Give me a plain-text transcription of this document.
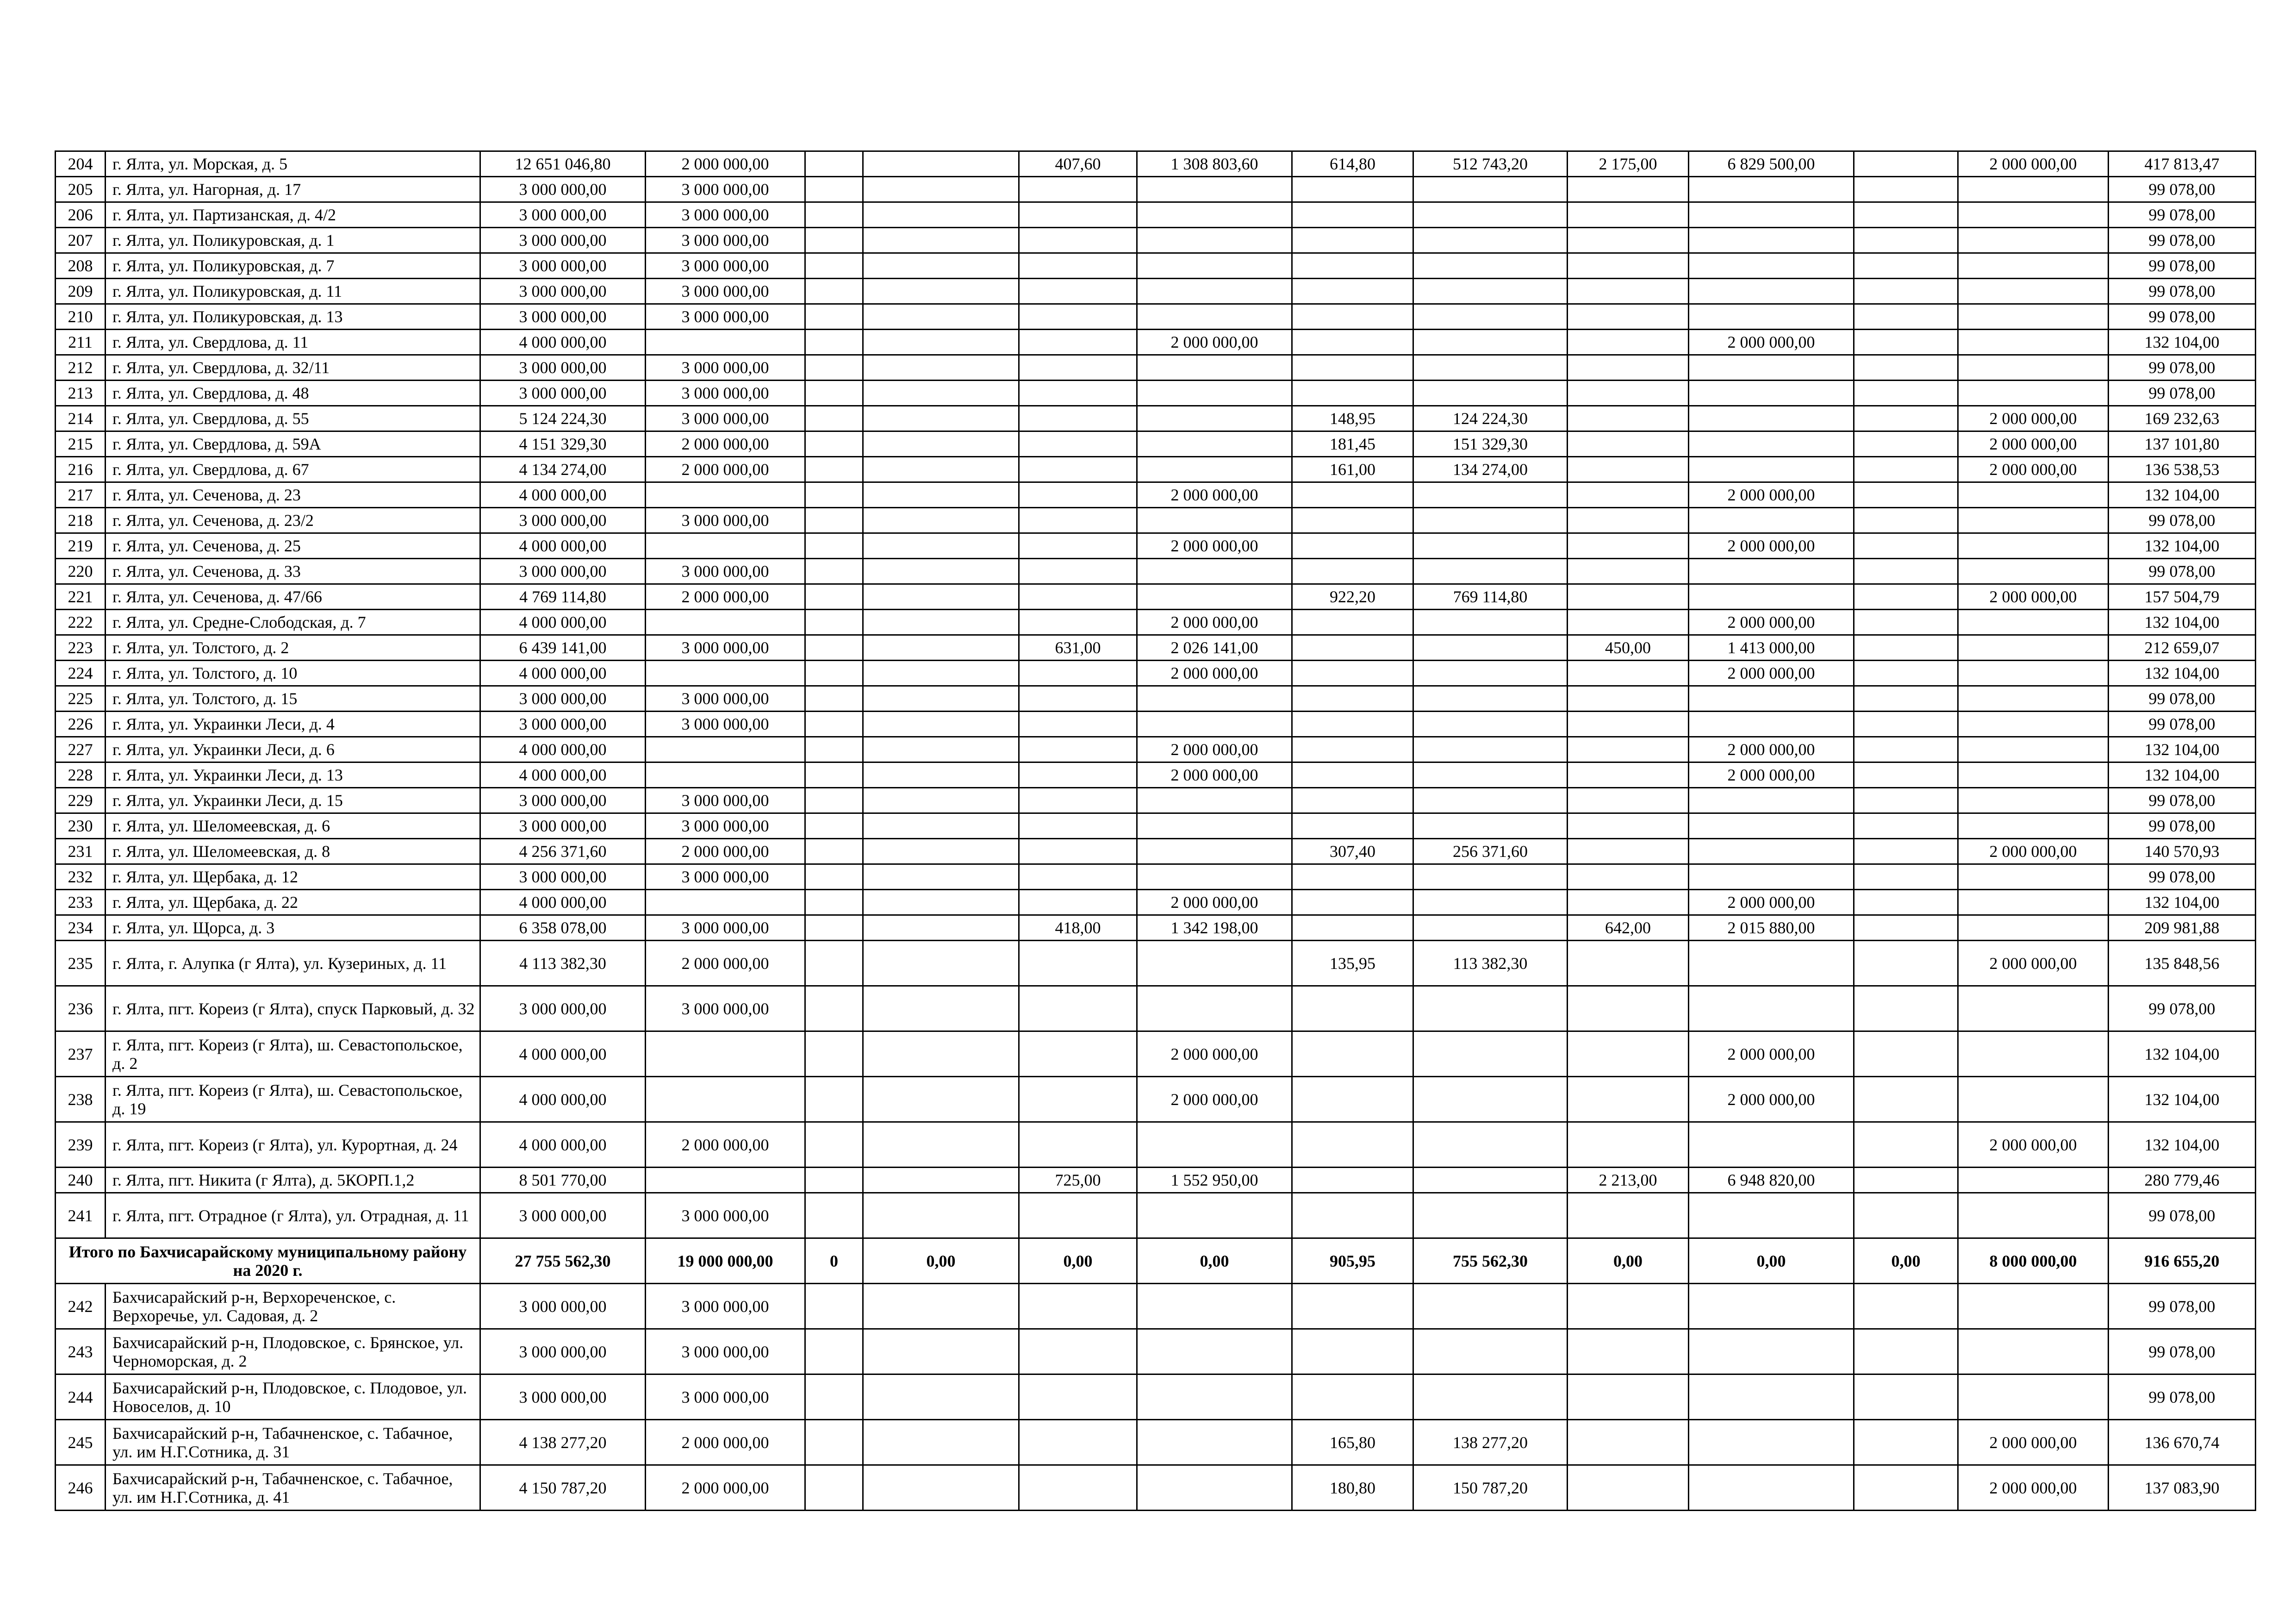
204	г. Ялта, ул. Морская, д. 5	12 651 046,80	2 000 000,00			407,60	1 308 803,60	614,80	512 743,20	2 175,00	6 829 500,00		2 000 000,00	417 813,47
205	г. Ялта, ул. Нагорная, д. 17	3 000 000,00	3 000 000,00											99 078,00
206	г. Ялта, ул. Партизанская, д. 4/2	3 000 000,00	3 000 000,00											99 078,00
207	г. Ялта, ул. Поликуровская, д. 1	3 000 000,00	3 000 000,00											99 078,00
208	г. Ялта, ул. Поликуровская, д. 7	3 000 000,00	3 000 000,00											99 078,00
209	г. Ялта, ул. Поликуровская, д. 11	3 000 000,00	3 000 000,00											99 078,00
210	г. Ялта, ул. Поликуровская, д. 13	3 000 000,00	3 000 000,00											99 078,00
211	г. Ялта, ул. Свердлова, д. 11	4 000 000,00					2 000 000,00				2 000 000,00			132 104,00
212	г. Ялта, ул. Свердлова, д. 32/11	3 000 000,00	3 000 000,00											99 078,00
213	г. Ялта, ул. Свердлова, д. 48	3 000 000,00	3 000 000,00											99 078,00
214	г. Ялта, ул. Свердлова, д. 55	5 124 224,30	3 000 000,00					148,95	124 224,30				2 000 000,00	169 232,63
215	г. Ялта, ул. Свердлова, д. 59А	4 151 329,30	2 000 000,00					181,45	151 329,30				2 000 000,00	137 101,80
216	г. Ялта, ул. Свердлова, д. 67	4 134 274,00	2 000 000,00					161,00	134 274,00				2 000 000,00	136 538,53
217	г. Ялта, ул. Сеченова, д. 23	4 000 000,00					2 000 000,00				2 000 000,00			132 104,00
218	г. Ялта, ул. Сеченова, д. 23/2	3 000 000,00	3 000 000,00											99 078,00
219	г. Ялта, ул. Сеченова, д. 25	4 000 000,00					2 000 000,00				2 000 000,00			132 104,00
220	г. Ялта, ул. Сеченова, д. 33	3 000 000,00	3 000 000,00											99 078,00
221	г. Ялта, ул. Сеченова, д. 47/66	4 769 114,80	2 000 000,00					922,20	769 114,80				2 000 000,00	157 504,79
222	г. Ялта, ул. Средне-Слободская, д. 7	4 000 000,00					2 000 000,00				2 000 000,00			132 104,00
223	г. Ялта, ул. Толстого, д. 2	6 439 141,00	3 000 000,00			631,00	2 026 141,00			450,00	1 413 000,00			212 659,07
224	г. Ялта, ул. Толстого, д. 10	4 000 000,00					2 000 000,00				2 000 000,00			132 104,00
225	г. Ялта, ул. Толстого, д. 15	3 000 000,00	3 000 000,00											99 078,00
226	г. Ялта, ул. Украинки Леси, д. 4	3 000 000,00	3 000 000,00											99 078,00
227	г. Ялта, ул. Украинки Леси, д. 6	4 000 000,00					2 000 000,00				2 000 000,00			132 104,00
228	г. Ялта, ул. Украинки Леси, д. 13	4 000 000,00					2 000 000,00				2 000 000,00			132 104,00
229	г. Ялта, ул. Украинки Леси, д. 15	3 000 000,00	3 000 000,00											99 078,00
230	г. Ялта, ул. Шеломеевская, д. 6	3 000 000,00	3 000 000,00											99 078,00
231	г. Ялта, ул. Шеломеевская, д. 8	4 256 371,60	2 000 000,00					307,40	256 371,60				2 000 000,00	140 570,93
232	г. Ялта, ул. Щербака, д. 12	3 000 000,00	3 000 000,00											99 078,00
233	г. Ялта, ул. Щербака, д. 22	4 000 000,00					2 000 000,00				2 000 000,00			132 104,00
234	г. Ялта, ул. Щорса, д. 3	6 358 078,00	3 000 000,00			418,00	1 342 198,00			642,00	2 015 880,00			209 981,88
235	г. Ялта, г. Алупка (г Ялта), ул. Кузериных, д. 11	4 113 382,30	2 000 000,00					135,95	113 382,30				2 000 000,00	135 848,56
236	г. Ялта, пгт. Кореиз (г Ялта), спуск Парковый, д. 32	3 000 000,00	3 000 000,00											99 078,00
237	г. Ялта, пгт. Кореиз (г Ялта), ш. Севастопольское, д. 2	4 000 000,00					2 000 000,00				2 000 000,00			132 104,00
238	г. Ялта, пгт. Кореиз (г Ялта), ш. Севастопольское, д. 19	4 000 000,00					2 000 000,00				2 000 000,00			132 104,00
239	г. Ялта, пгт. Кореиз (г Ялта), ул. Курортная, д. 24	4 000 000,00	2 000 000,00										2 000 000,00	132 104,00
240	г. Ялта, пгт. Никита (г Ялта), д. 5КОРП.1,2	8 501 770,00				725,00	1 552 950,00			2 213,00	6 948 820,00			280 779,46
241	г. Ялта, пгт. Отрадное (г Ялта), ул. Отрадная, д. 11	3 000 000,00	3 000 000,00											99 078,00
Итого по Бахчисарайскому муниципальному району на 2020 г.		27 755 562,30	19 000 000,00	0	0,00	0,00	0,00	905,95	755 562,30	0,00	0,00	0,00	8 000 000,00	916 655,20
242	Бахчисарайский р-н, Верхореченское, с. Верхоречье, ул. Садовая, д. 2	3 000 000,00	3 000 000,00											99 078,00
243	Бахчисарайский р-н, Плодовское, с. Брянское, ул. Черноморская, д. 2	3 000 000,00	3 000 000,00											99 078,00
244	Бахчисарайский р-н, Плодовское, с. Плодовое, ул. Новоселов, д. 10	3 000 000,00	3 000 000,00											99 078,00
245	Бахчисарайский р-н, Табачненское, с. Табачное, ул. им Н.Г.Сотника, д. 31	4 138 277,20	2 000 000,00					165,80	138 277,20				2 000 000,00	136 670,74
246	Бахчисарайский р-н, Табачненское, с. Табачное, ул. им Н.Г.Сотника, д. 41	4 150 787,20	2 000 000,00					180,80	150 787,20				2 000 000,00	137 083,90
